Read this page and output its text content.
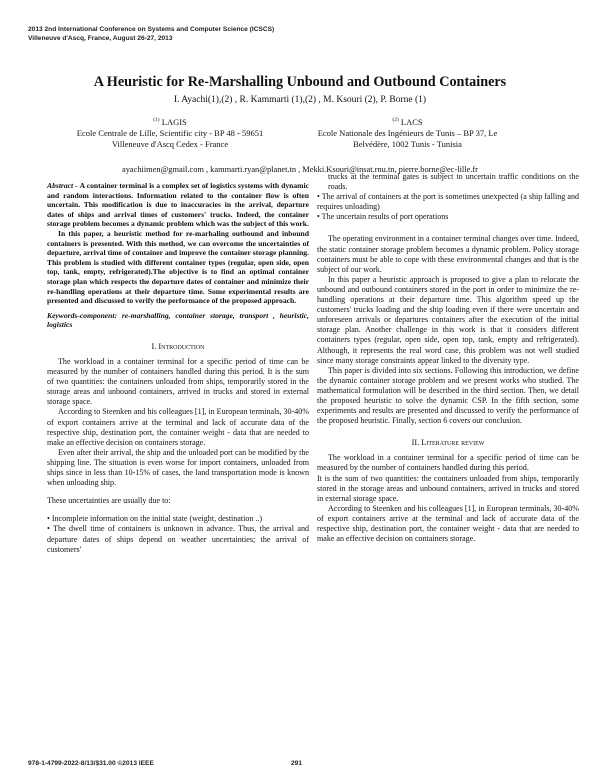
2013 2nd International Conference on Systems and Computer Science (ICSCS)
Villeneuve d'Ascq, France, August 26-27, 2013
A Heuristic for Re-Marshalling Unbound and Outbound Containers
I. Ayachi(1),(2) , R. Kammarti (1),(2) , M. Ksouri (2), P. Borne (1)
$^{(1)}$ LAGIS
Ecole Centrale de Lille, Scientific city - BP 48 - 59651
Villeneuve d'Ascq Cedex - France
$^{(2)}$ LACS
Ecole Nationale des Ingénieurs de Tunis – BP 37, Le
Belvédère, 1002 Tunis - Tunisia
ayachiimen@gmail.com , kammarti.ryan@planet.tn , Mekki.Ksouri@insat.rnu.tn, pierre.borne@ec-lille.fr

Abstract - A container terminal is a complex set of logistics systems with dynamic and random interactions. Information related to the container flow is often uncertain. This modification is due to inaccuracies in the arrival, departure dates of ships and arrival times of customers' trucks. Indeed, the container storage problem becomes a dynamic problem which was the subject of this work.

In this paper, a heuristic method for re-marhaling outbound and inbound containers is presented. With this method, we can overcome the uncertainties of departure, arrival time of container and improve the container storage planning. This problem is studied with different container types (regular, open side, open top, tank, empty, refrigerated).The objective is to find an optimal container storage plan which respects the departure dates of container and minimize their re-handling operations at their departure time. Some experimental results are presented and discussed to verify the performance of the proposed approach.

Keywords-component: re-marshalling, container storage, transport , heuristic, logistics

I. Introduction

The workload in a container terminal for a specific period of time can be measured by the number of containers handled during this period. It is the sum of two quantities: the containers unloaded from ships, temporarily stored in the storage areas and unbound containers, arrived in trucks and stored in external storage space.

According to Steenken and his colleagues [1], in European terminals, 30-40% of export containers arrive at the terminal and lack of accurate data of the respective ship, destination port, the container weight - data that are needed to make an effective decision on containers storage.

Even after their arrival, the ship and the unloaded port can be modified by the shipping line. The situation is even worse for import containers, unloaded from ships since in less than 10-15% of cases, the land transportation mode is known when unloading ship.

These uncertainties are usually due to:

• Incomplete information on the initial state (weight, destination ..)

• The dwell time of containers is unknown in advance. Thus, the arrival and departure dates of ships depend on weather uncertainties; the arrival of customers'

trucks at the terminal gates is subject to uncertain traffic conditions on the roads.

• The arrival of containers at the port is sometimes unexpected (a ship falling and requires unloading)

• The uncertain results of port operations

The operating environment in a container terminal changes over time. Indeed, the static container storage problem becomes a dynamic problem. Policy storage containers must be able to cope with these environmental changes and that is the subject of our work.

In this paper a heuristic approach is proposed to give a plan to relocate the unbound and outbound containers stored in the port in order to minimize the re-handling operations at their departure time. This algorithm speed up the customers' trucks loading and the ship loading even if there were uncertain and unforeseen arrivals or departures containers after the execution of the initial storage plan. Another challenge in this work is that it considers different containers types (regular, open side, open top, tank, empty and refrigerated). Although, it represents the real word case, this problem was not well studied since many storage constraints appear linked to the diversity type.

This paper is divided into six sections. Following this introduction, we define the dynamic container storage problem and we present works who studied. The mathematical formulation will be described in the third section. Then, we detail the proposed heuristic to solve the dynamic CSP. In the fifth section, some experiments and results are presented and discussed to verify the performance of the proposed heuristic. Finally, section 6 covers our conclusion.

II. Literature review

The workload in a container terminal for a specific period of time can be measured by the number of containers handled during this period.

It is the sum of two quantities: the containers unloaded from ships, temporarily stored in the storage areas and unbound containers, arrived in trucks and stored in external storage space.

According to Steenken and his colleagues [1], in European terminals, 30-40% of export containers arrive at the terminal and lack of accurate data of the respective ship, destination port, the container weight - data that are needed to make an effective decision on containers storage.

978-1-4799-2022-8/13/$31.00 ©2013 IEEE	291
